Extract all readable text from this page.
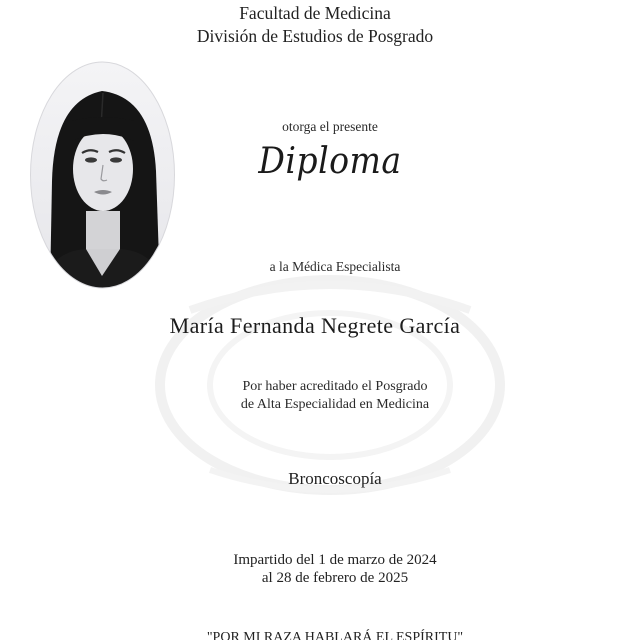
Facultad de Medicina
División de Estudios de Posgrado
otorga el presente
Diploma
a la Médica Especialista
María Fernanda Negrete García
Por haber acreditado el Posgrado
de Alta Especialidad en Medicina
Broncoscopía
Impartido del 1 de marzo de 2024
al 28 de febrero de 2025
"POR MI RAZA HABLARÁ EL ESPÍRITU"
